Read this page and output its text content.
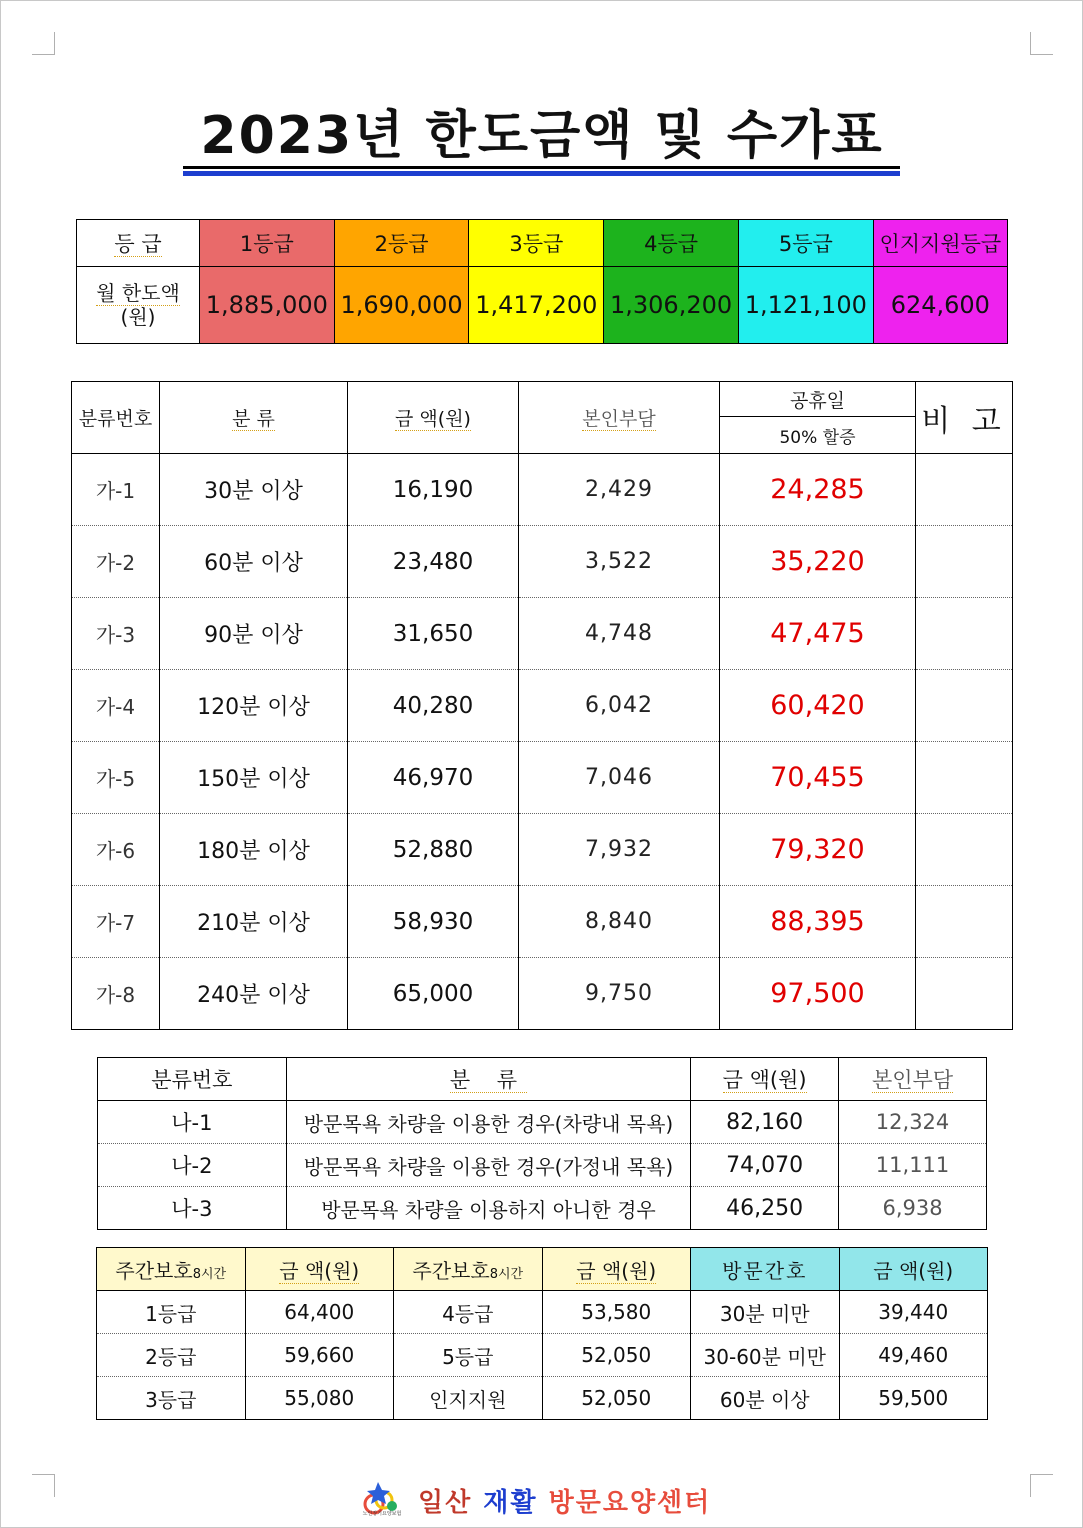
2023년 한도금액 및 수가표
등 급	1등급	2등급	3등급	4등급	5등급	인지지원등급
월 한도액
(원)	1,885,000	1,690,000	1,417,200	1,306,200	1,121,100	624,600
분류번호	분 류	금 액(원)	본인부담	공휴일	비 고
				50% 할증	
가-1	30분 이상	16,190	2,429	24,285	
가-2	60분 이상	23,480	3,522	35,220	
가-3	90분 이상	31,650	4,748	47,475	
가-4	120분 이상	40,280	6,042	60,420	
가-5	150분 이상	46,970	7,046	70,455	
가-6	180분 이상	52,880	7,932	79,320	
가-7	210분 이상	58,930	8,840	88,395	
가-8	240분 이상	65,000	9,750	97,500	
분류번호	분 류	금 액(원)	본인부담
나-1	방문목욕 차량을 이용한 경우(차량내 목욕)	82,160	12,324
나-2	방문목욕 차량을 이용한 경우(가정내 목욕)	74,070	11,111
나-3	방문목욕 차량을 이용하지 아니한 경우	46,250	6,938
주간보호8시간	금 액(원)	주간보호8시간	금 액(원)	방문간호	금 액(원)
1등급	64,400	4등급	53,580	30분 미만	39,440
2등급	59,660	5등급	52,050	30-60분 미만	49,460
3등급	55,080	인지지원	52,050	60분 이상	59,500
노인장기요양보험 일산 재활 방문요양센터
